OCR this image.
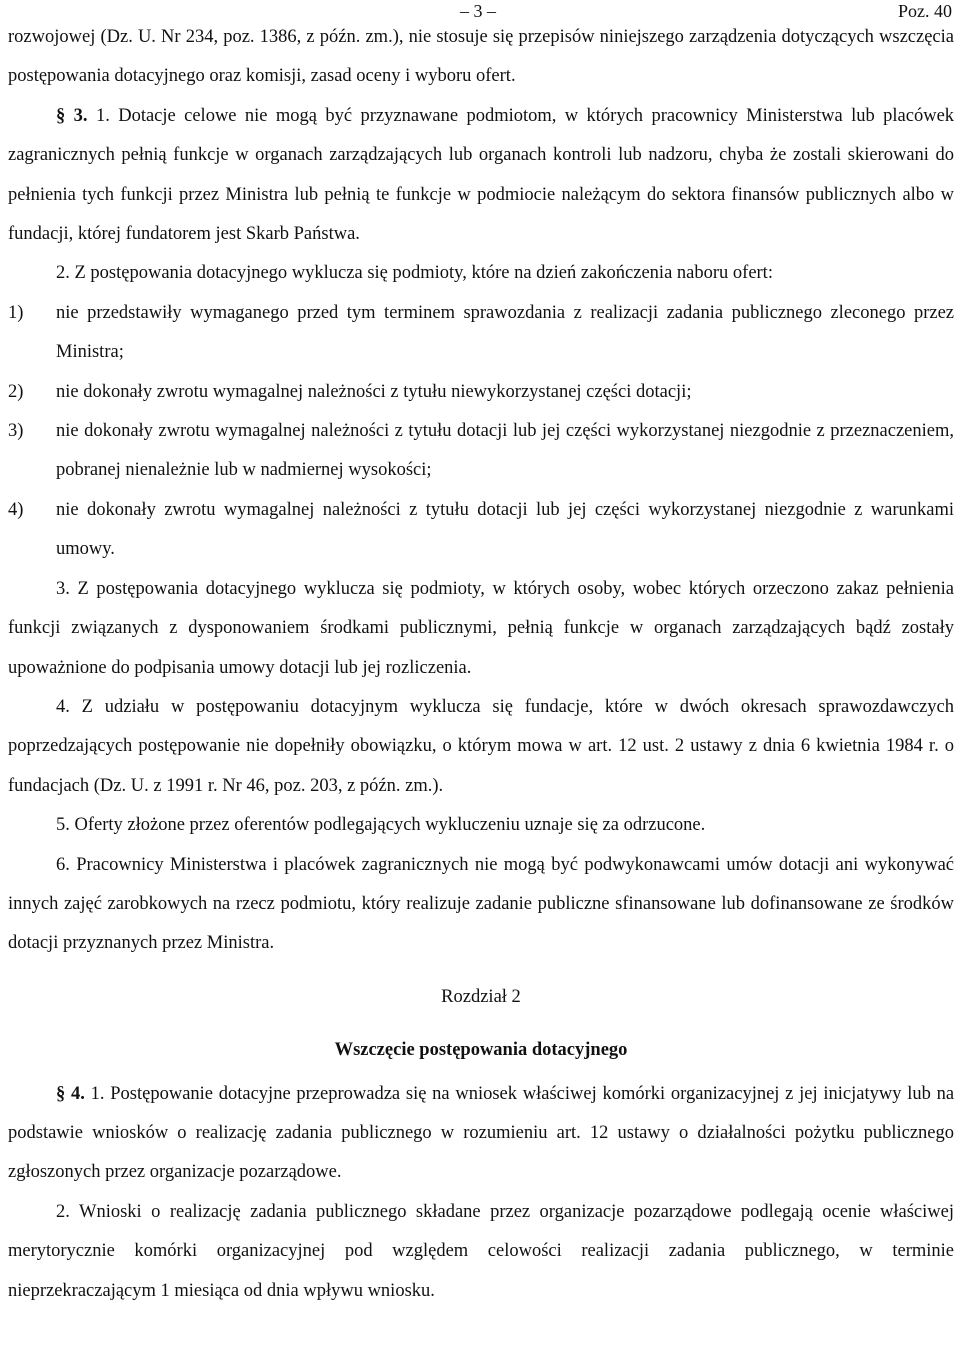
– 3 –	Poz. 40

rozwojowej (Dz. U. Nr 234, poz. 1386, z późn. zm.), nie stosuje się przepisów niniejszego zarządzenia dotyczących wszczęcia postępowania dotacyjnego oraz komisji, zasad oceny i wyboru ofert.

§ 3. 1. Dotacje celowe nie mogą być przyznawane podmiotom, w których pracownicy Ministerstwa lub placówek zagranicznych pełnią funkcje w organach zarządzających lub organach kontroli lub nadzoru, chyba że zostali skierowani do pełnienia tych funkcji przez Ministra lub pełnią te funkcje w podmiocie należącym do sektora finansów publicznych albo w fundacji, której fundatorem jest Skarb Państwa.

2. Z postępowania dotacyjnego wyklucza się podmioty, które na dzień zakończenia naboru ofert:

1)	nie przedstawiły wymaganego przed tym terminem sprawozdania z realizacji zadania publicznego zleconego przez Ministra;
2)	nie dokonały zwrotu wymagalnej należności z tytułu niewykorzystanej części dotacji;
3)	nie dokonały zwrotu wymagalnej należności z tytułu dotacji lub jej części wykorzystanej niezgodnie z przeznaczeniem, pobranej nienależnie lub w nadmiernej wysokości;
4)	nie dokonały zwrotu wymagalnej należności z tytułu dotacji lub jej części wykorzystanej niezgodnie z warunkami umowy.

3. Z postępowania dotacyjnego wyklucza się podmioty, w których osoby, wobec których orzeczono zakaz pełnienia funkcji związanych z dysponowaniem środkami publicznymi, pełnią funkcje w organach zarządzających bądź zostały upoważnione do podpisania umowy dotacji lub jej rozliczenia.

4. Z udziału w postępowaniu dotacyjnym wyklucza się fundacje, które w dwóch okresach sprawozdawczych poprzedzających postępowanie nie dopełniły obowiązku, o którym mowa w art. 12 ust. 2 ustawy z dnia 6 kwietnia 1984 r. o fundacjach (Dz. U. z 1991 r. Nr 46, poz. 203, z późn. zm.).

5. Oferty złożone przez oferentów podlegających wykluczeniu uznaje się za odrzucone.

6. Pracownicy Ministerstwa i placówek zagranicznych nie mogą być podwykonawcami umów dotacji ani wykonywać innych zajęć zarobkowych na rzecz podmiotu, który realizuje zadanie publiczne sfinansowane lub dofinansowane ze środków dotacji przyznanych przez Ministra.

Rozdział 2

Wszczęcie postępowania dotacyjnego

§ 4. 1. Postępowanie dotacyjne przeprowadza się na wniosek właściwej komórki organizacyjnej z jej inicjatywy lub na podstawie wniosków o realizację zadania publicznego w rozumieniu art. 12 ustawy o działalności pożytku publicznego zgłoszonych przez organizacje pozarządowe.

2. Wnioski o realizację zadania publicznego składane przez organizacje pozarządowe podlegają ocenie właściwej merytorycznie komórki organizacyjnej pod względem celowości realizacji zadania publicznego, w terminie nieprzekraczającym 1 miesiąca od dnia wpływu wniosku.
